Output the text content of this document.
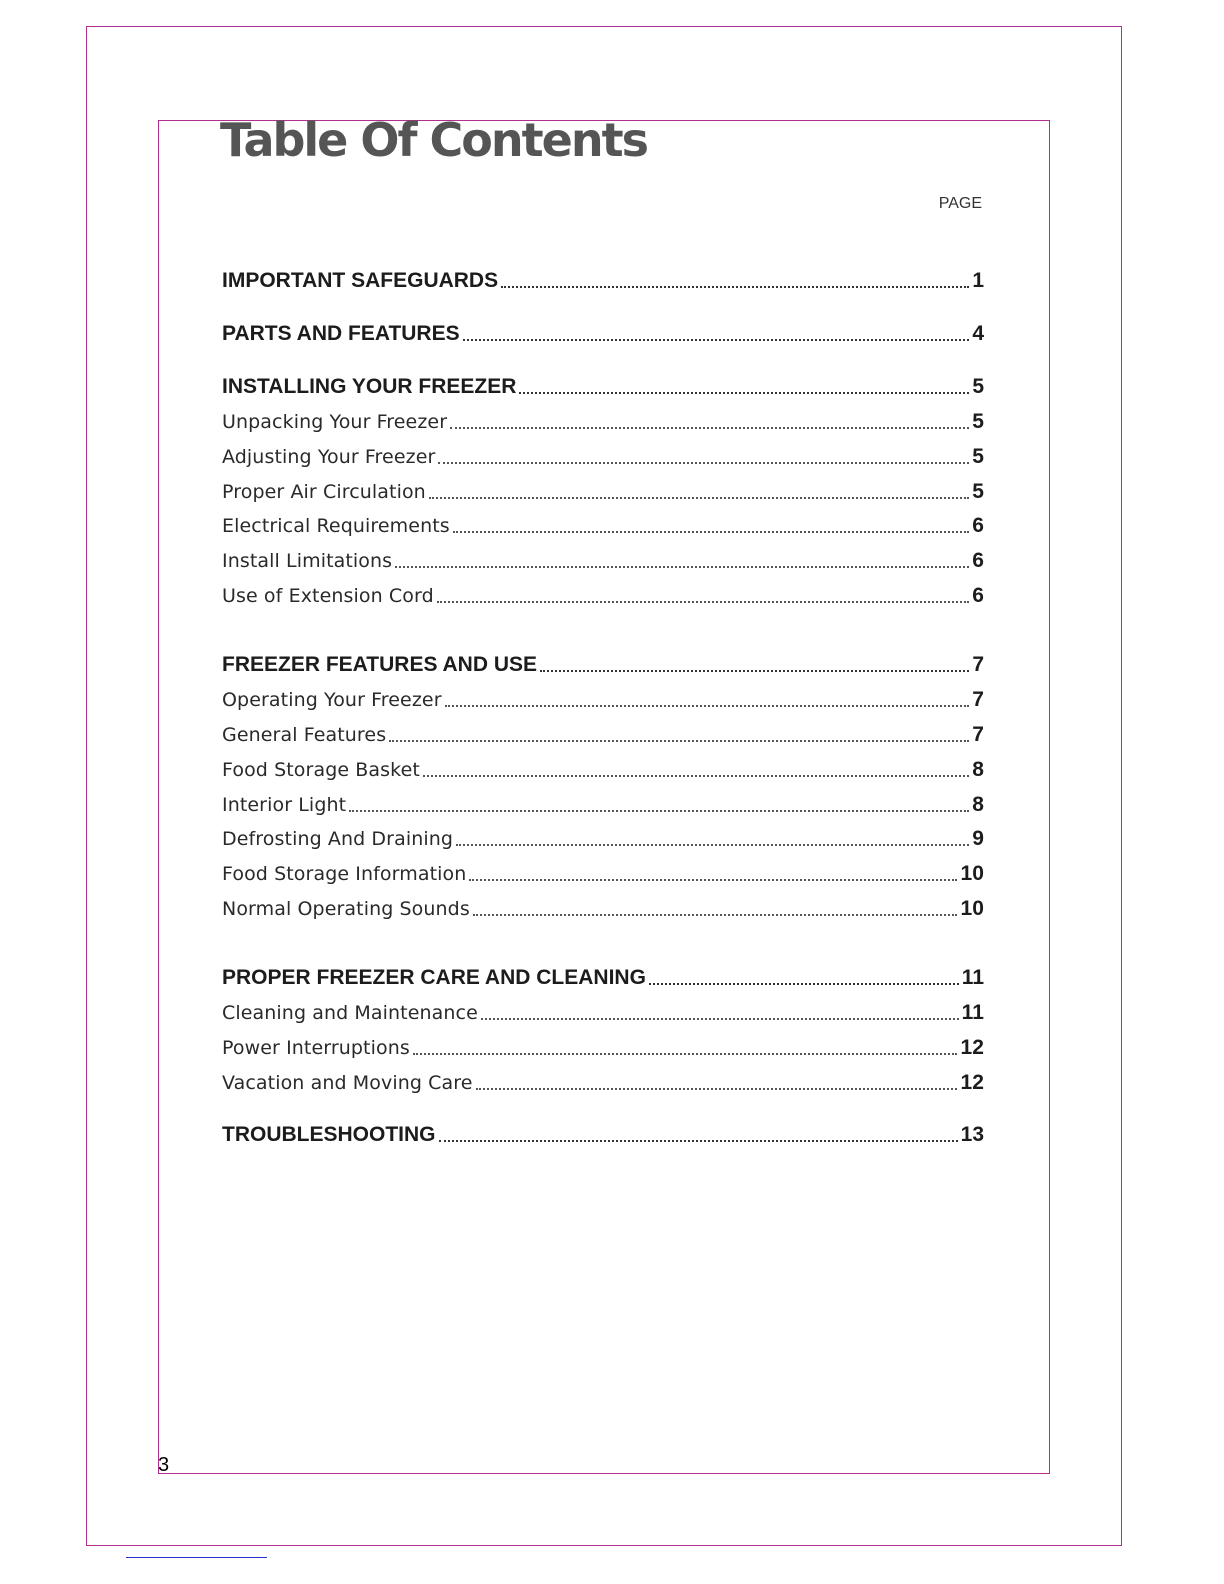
Table Of Contents
PAGE
IMPORTANT SAFEGUARDS	1
PARTS AND FEATURES	4
INSTALLING YOUR FREEZER	5
Unpacking Your Freezer	5
Adjusting Your Freezer	5
Proper Air Circulation	5
Electrical Requirements	6
Install Limitations	6
Use of Extension Cord	6
FREEZER FEATURES AND USE	7
Operating Your Freezer	7
General Features	7
Food Storage Basket	8
Interior Light	8
Defrosting And Draining	9
Food Storage Information	10
Normal Operating Sounds	10
PROPER FREEZER CARE AND CLEANING	11
Cleaning and Maintenance	11
Power Interruptions	12
Vacation and Moving Care	12
TROUBLESHOOTING	13
3
